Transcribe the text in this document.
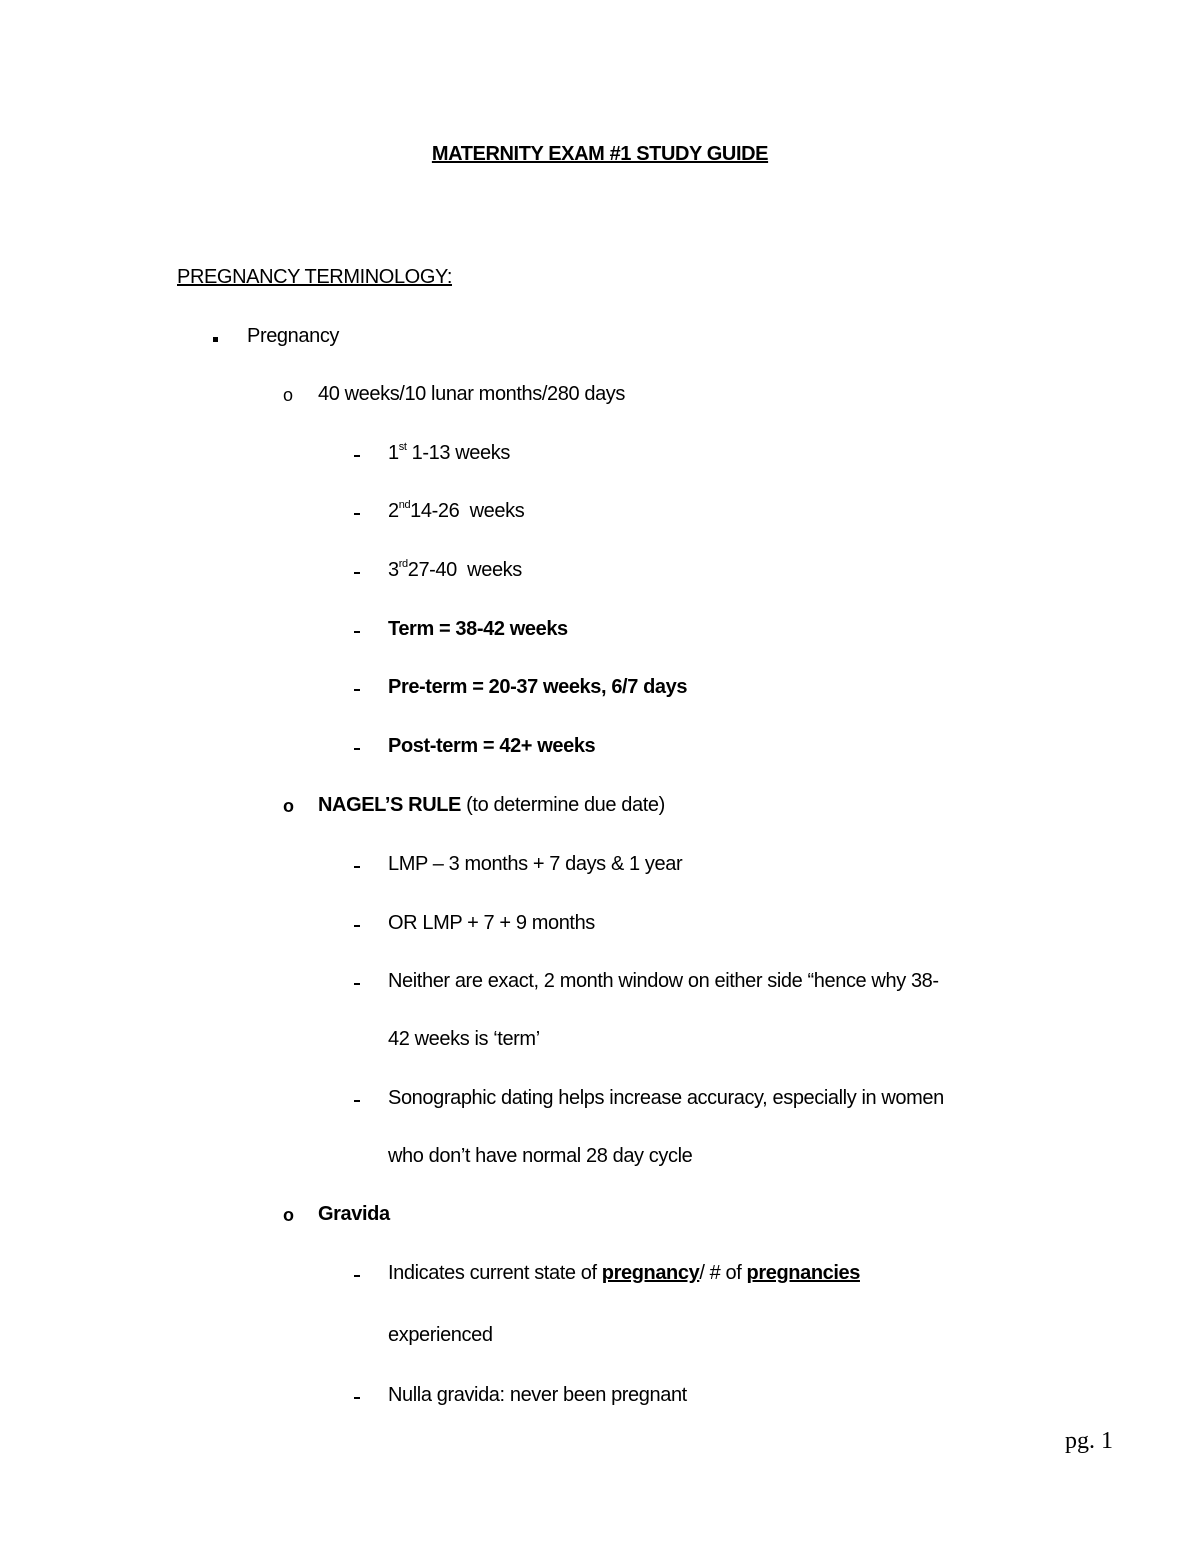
MATERNITY EXAM #1 STUDY GUIDE
PREGNANCY TERMINOLOGY:
Pregnancy
o 40 weeks/10 lunar months/280 days
1st 1-13 weeks
2nd14-26  weeks
3rd27-40  weeks
Term = 38-42 weeks
Pre-term = 20-37 weeks, 6/7 days
Post-term = 42+ weeks
o NAGEL’S RULE (to determine due date)
LMP – 3 months + 7 days & 1 year
OR LMP + 7 + 9 months
Neither are exact, 2 month window on either side “hence why 38-
42 weeks is ‘term’
Sonographic dating helps increase accuracy, especially in women
who don’t have normal 28 day cycle
o Gravida
Indicates current state of pregnancy/ # of pregnancies
experienced
Nulla gravida: never been pregnant
pg. 1
